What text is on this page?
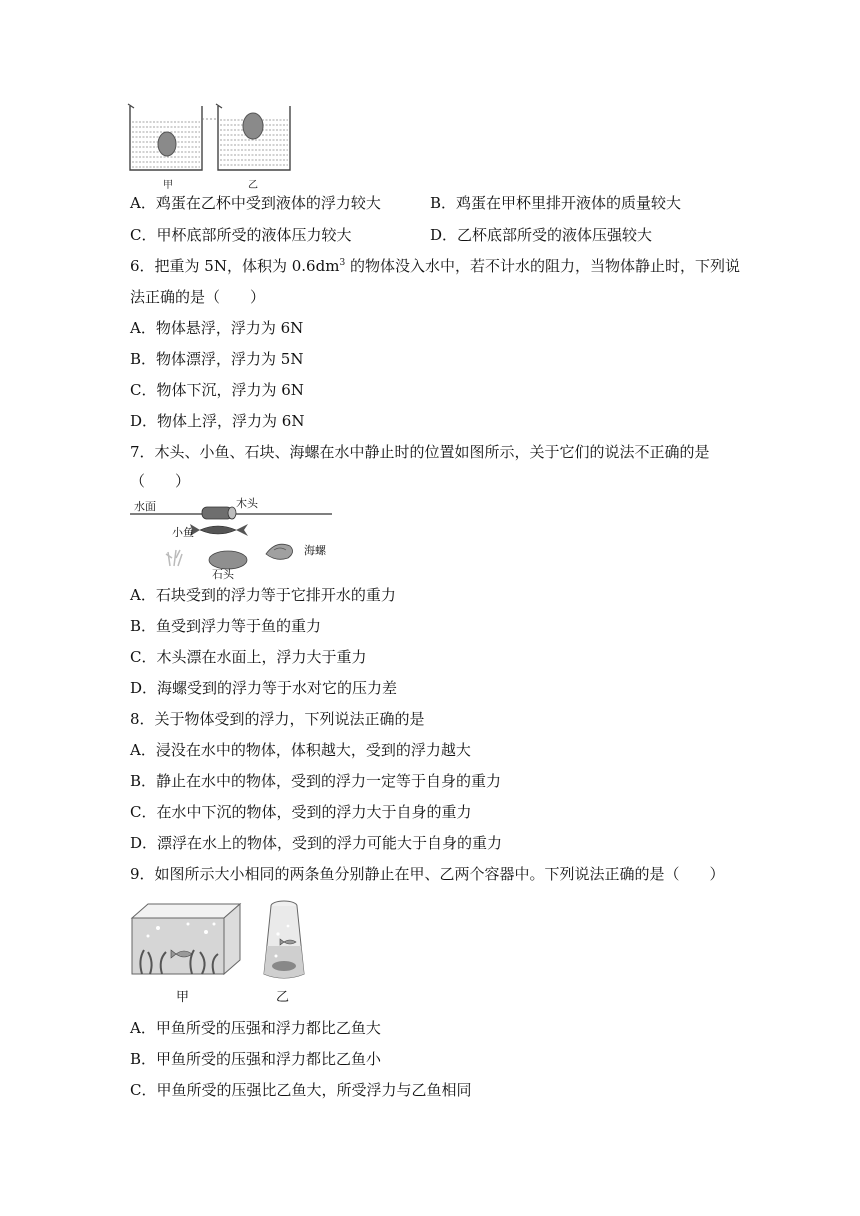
甲	乙
A．鸡蛋在乙杯中受到液体的浮力较大	B．鸡蛋在甲杯里排开液体的质量较大
C．甲杯底部所受的液体压力较大	D．乙杯底部所受的液体压强较大
6．把重为 5N，体积为 $0.6dm^3$ 的物体没入水中，若不计水的阻力，当物体静止时，下列说
法正确的是（　　）
A．物体悬浮，浮力为 6N
B．物体漂浮，浮力为 5N
C．物体下沉，浮力为 6N
D．物体上浮，浮力为 6N
7．木头、小鱼、石块、海螺在水中静止时的位置如图所示，关于它们的说法不正确的是
（　　）
水面	木头
小鱼
海螺
石头
A．石块受到的浮力等于它排开水的重力
B．鱼受到浮力等于鱼的重力
C．木头漂在水面上，浮力大于重力
D．海螺受到的浮力等于水对它的压力差
8．关于物体受到的浮力，下列说法正确的是
A．浸没在水中的物体，体积越大，受到的浮力越大
B．静止在水中的物体，受到的浮力一定等于自身的重力
C．在水中下沉的物体，受到的浮力大于自身的重力
D．漂浮在水上的物体，受到的浮力可能大于自身的重力
9．如图所示大小相同的两条鱼分别静止在甲、乙两个容器中。下列说法正确的是（　　）
甲	乙
A．甲鱼所受的压强和浮力都比乙鱼大
B．甲鱼所受的压强和浮力都比乙鱼小
C．甲鱼所受的压强比乙鱼大，所受浮力与乙鱼相同
